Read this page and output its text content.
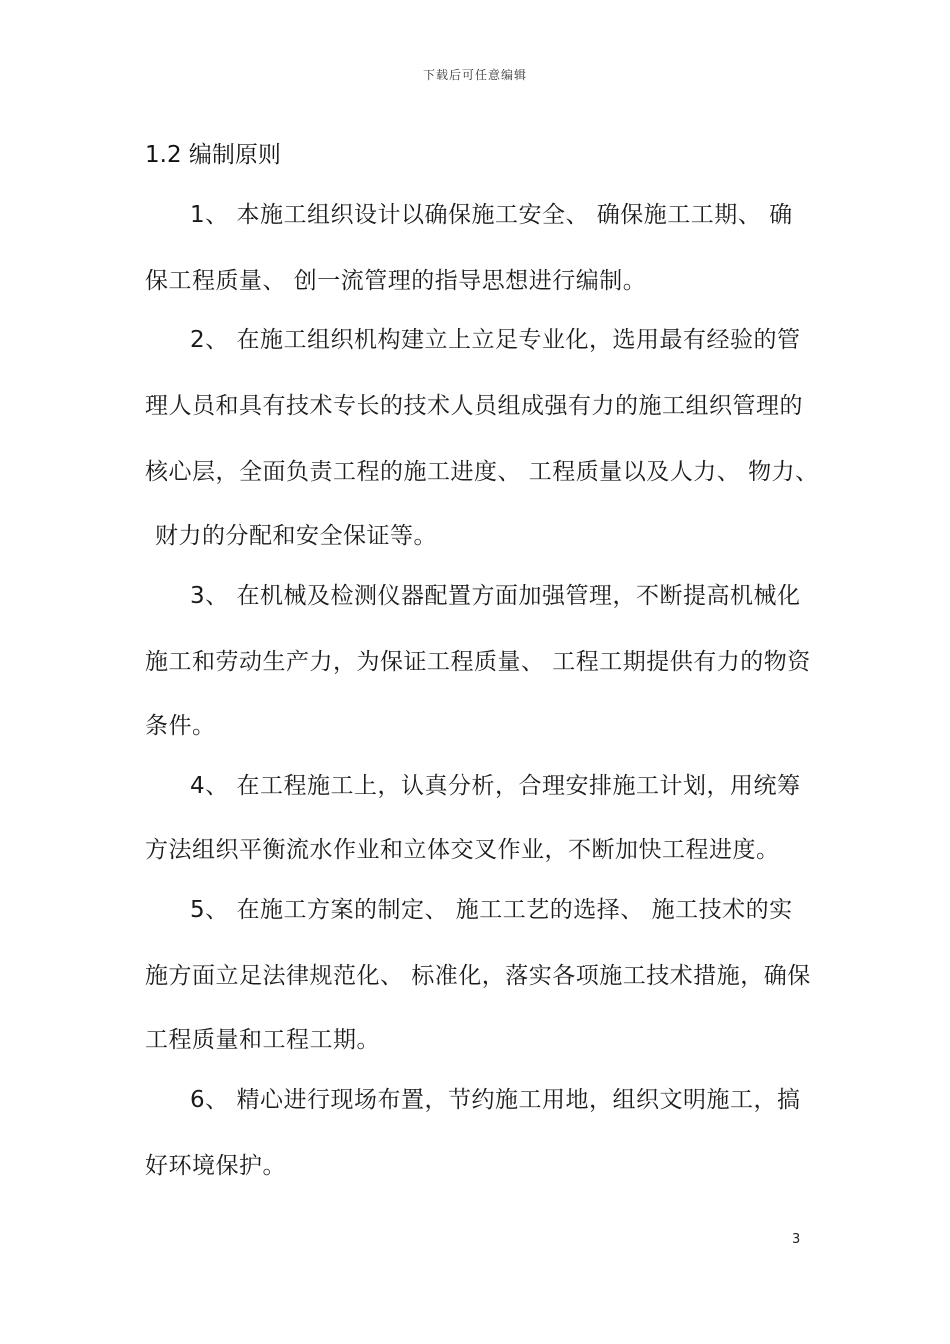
下载后可任意编辑
1.2 编制原则
1、 本施工组织设计以确保施工安全、 确保施工工期、 确
保工程质量、 创一流管理的指导思想进行编制。
2、 在施工组织机构建立上立足专业化，选用最有经验的管
理人员和具有技术专长的技术人员组成强有力的施工组织管理的
核心层，全面负责工程的施工进度、 工程质量以及人力、 物力、
财力的分配和安全保证等。
3、 在机械及检测仪器配置方面加强管理，不断提高机械化
施工和劳动生产力，为保证工程质量、 工程工期提供有力的物资
条件。
4、 在工程施工上，认真分析，合理安排施工计划，用统筹
方法组织平衡流水作业和立体交叉作业，不断加快工程进度。
5、 在施工方案的制定、 施工工艺的选择、 施工技术的实
施方面立足法律规范化、 标准化，落实各项施工技术措施，确保
工程质量和工程工期。
6、 精心进行现场布置，节约施工用地，组织文明施工，搞
好环境保护。
3
